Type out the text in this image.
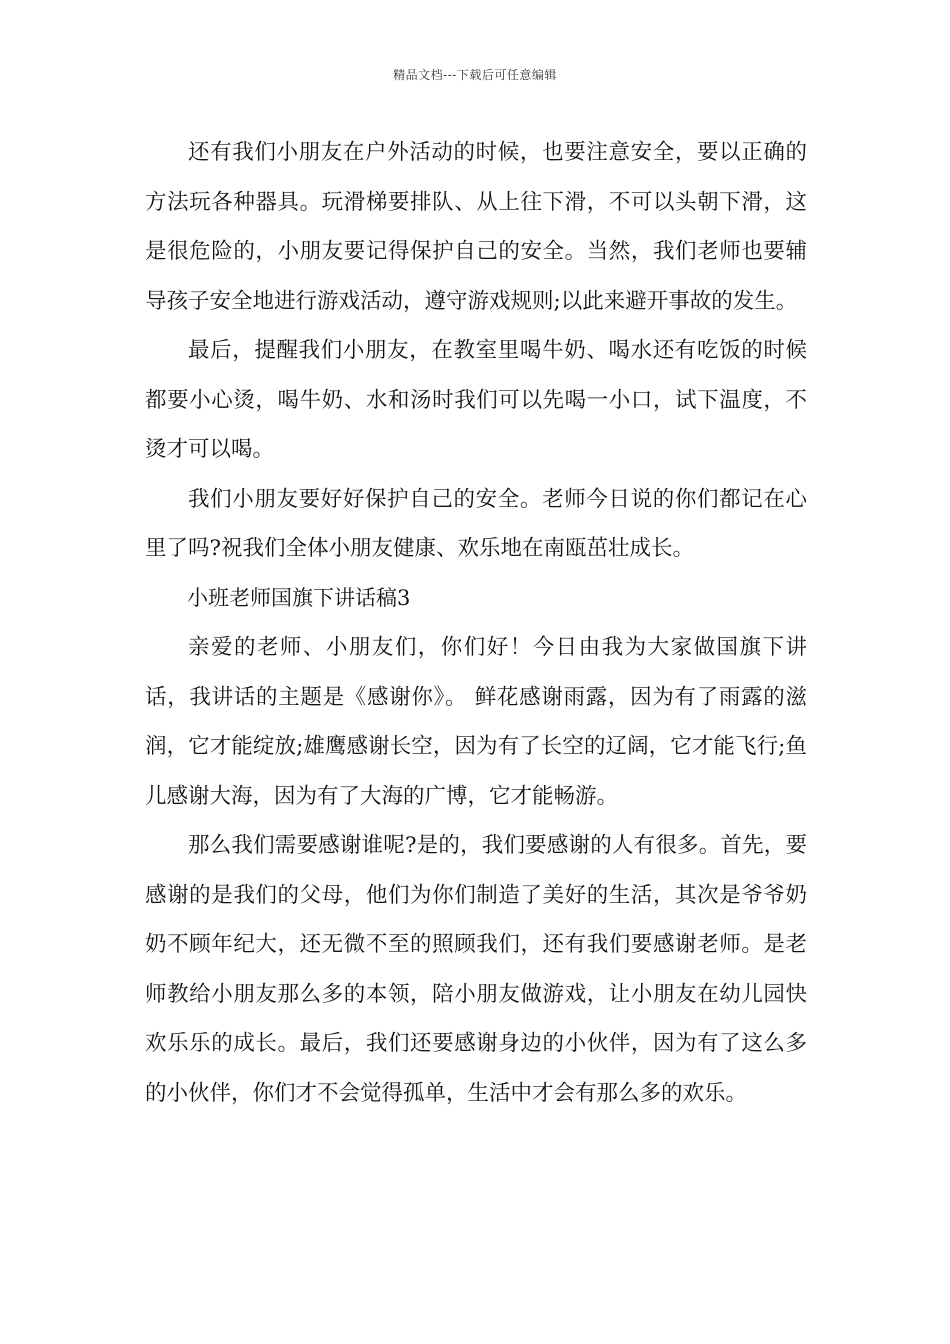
精品文档---下载后可任意编辑

还有我们小朋友在户外活动的时候，也要注意安全，要以正确的方法玩各种器具。玩滑梯要排队、从上往下滑，不可以头朝下滑，这是很危险的，小朋友要记得保护自己的安全。当然，我们老师也要辅导孩子安全地进行游戏活动，遵守游戏规则;以此来避开事故的发生。

最后，提醒我们小朋友，在教室里喝牛奶、喝水还有吃饭的时候都要小心烫，喝牛奶、水和汤时我们可以先喝一小口，试下温度，不烫才可以喝。

我们小朋友要好好保护自己的安全。老师今日说的你们都记在心里了吗?祝我们全体小朋友健康、欢乐地在南瓯茁壮成长。

小班老师国旗下讲话稿3

亲爱的老师、小朋友们，你们好！今日由我为大家做国旗下讲话，我讲话的主题是《感谢你》。 鲜花感谢雨露，因为有了雨露的滋润，它才能绽放;雄鹰感谢长空，因为有了长空的辽阔，它才能飞行;鱼儿感谢大海，因为有了大海的广博，它才能畅游。

那么我们需要感谢谁呢?是的，我们要感谢的人有很多。首先，要感谢的是我们的父母，他们为你们制造了美好的生活，其次是爷爷奶奶不顾年纪大，还无微不至的照顾我们，还有我们要感谢老师。是老师教给小朋友那么多的本领，陪小朋友做游戏，让小朋友在幼儿园快欢乐乐的成长。最后，我们还要感谢身边的小伙伴，因为有了这么多的小伙伴，你们才不会觉得孤单，生活中才会有那么多的欢乐。
